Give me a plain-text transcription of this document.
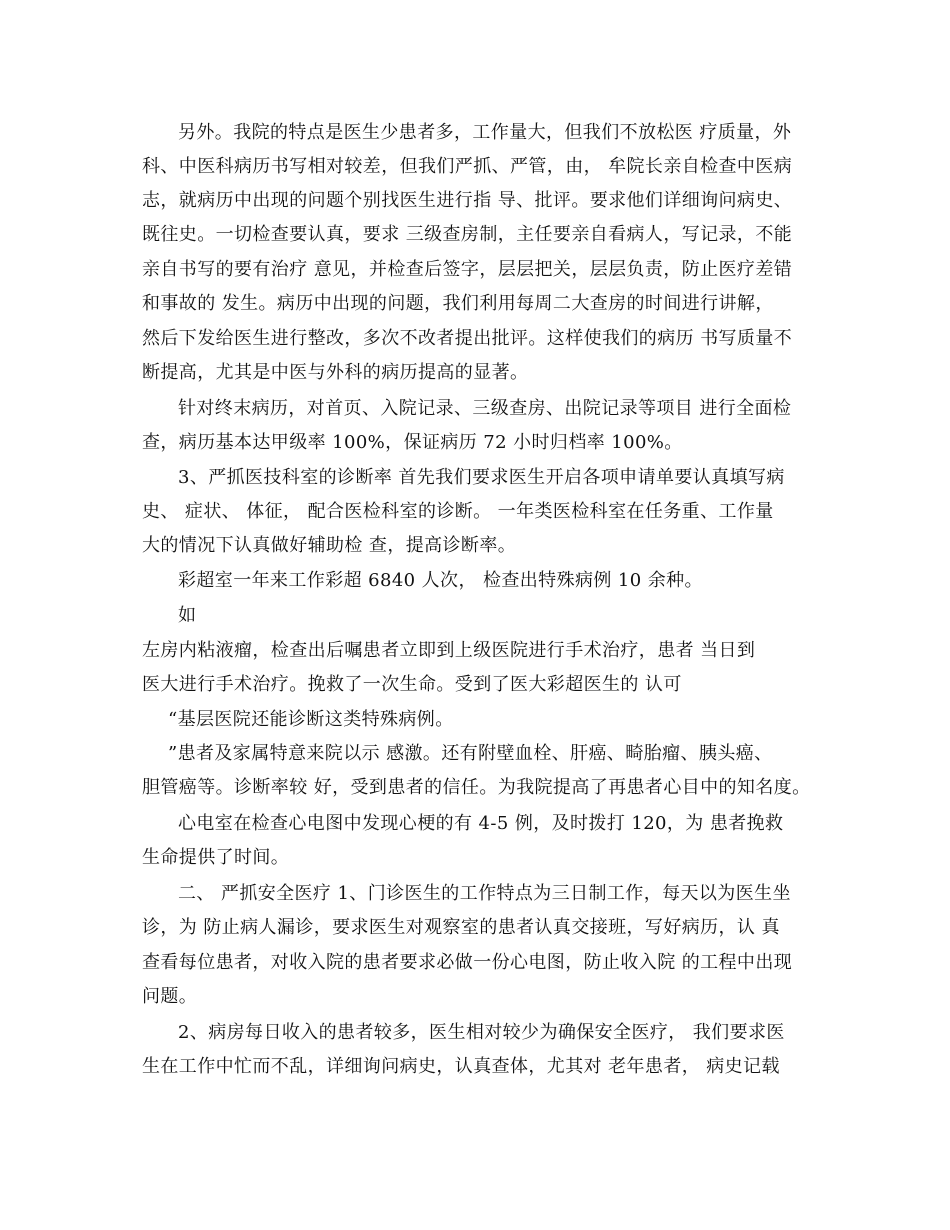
另外。我院的特点是医生少患者多，工作量大，但我们不放松医 疗质量，外
科、中医科病历书写相对较差，但我们严抓、严管，由， 牟院长亲自检查中医病
志，就病历中出现的问题个别找医生进行指 导、批评。要求他们详细询问病史、
既往史。一切检查要认真，要求 三级查房制，主任要亲自看病人，写记录，不能
亲自书写的要有治疗 意见，并检查后签字，层层把关，层层负责，防止医疗差错
和事故的 发生。病历中出现的问题，我们利用每周二大查房的时间进行讲解，
然后下发给医生进行整改，多次不改者提出批评。这样使我们的病历 书写质量不
断提高，尤其是中医与外科的病历提高的显著。
针对终末病历，对首页、入院记录、三级查房、出院记录等项目 进行全面检
查，病历基本达甲级率 100%，保证病历 72 小时归档率 100%。
3、严抓医技科室的诊断率 首先我们要求医生开启各项申请单要认真填写病
史、 症状、 体征， 配合医检科室的诊断。 一年类医检科室在任务重、工作量
大的情况下认真做好辅助检 查，提高诊断率。
彩超室一年来工作彩超 6840 人次， 检查出特殊病例 10 余种。
如
左房内粘液瘤，检查出后嘱患者立即到上级医院进行手术治疗，患者 当日到
医大进行手术治疗。挽救了一次生命。受到了医大彩超医生的 认可
“基层医院还能诊断这类特殊病例。
”患者及家属特意来院以示 感激。还有附壁血栓、肝癌、畸胎瘤、胰头癌、
胆管癌等。诊断率较 好，受到患者的信任。为我院提高了再患者心目中的知名度。
心电室在检查心电图中发现心梗的有 4-5 例，及时拨打 120，为 患者挽救
生命提供了时间。
二、 严抓安全医疗 1、门诊医生的工作特点为三日制工作，每天以为医生坐
诊，为 防止病人漏诊，要求医生对观察室的患者认真交接班，写好病历，认 真
查看每位患者，对收入院的患者要求必做一份心电图，防止收入院 的工程中出现
问题。
2、病房每日收入的患者较多，医生相对较少为确保安全医疗， 我们要求医
生在工作中忙而不乱，详细询问病史，认真查体，尤其对 老年患者， 病史记载
